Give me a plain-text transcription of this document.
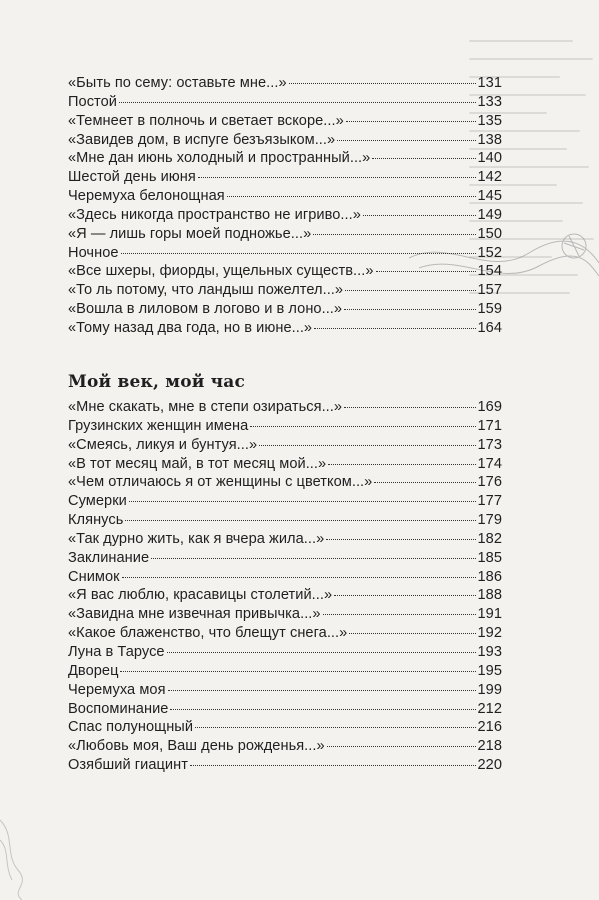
«Быть по сему: оставьте мне...»	131
Постой	133
«Темнеет в полночь и светает вскоре...»	135
«Завидев дом, в испуге безъязыком...»	138
«Мне дан июнь холодный и пространный...»	140
Шестой день июня	142
Черемуха белонощная	145
«Здесь никогда пространство не игриво...»	149
«Я — лишь горы моей подножье...»	150
Ночное	152
«Все шхеры, фиорды, ущельных существ...»	154
«То ль потому, что ландыш пожелтел...»	157
«Вошла в лиловом в логово и в лоно...»	159
«Тому назад два года, но в июне...»	164
Мой век, мой час
«Мне скакать, мне в степи озираться...»	169
Грузинских женщин имена	171
«Смеясь, ликуя и бунтуя...»	173
«В тот месяц май, в тот месяц мой...»	174
«Чем отличаюсь я от женщины с цветком...»	176
Сумерки	177
Клянусь	179
«Так дурно жить, как я вчера жила...»	182
Заклинание	185
Снимок	186
«Я вас люблю, красавицы столетий...»	188
«Завидна мне извечная привычка...»	191
«Какое блаженство, что блещут снега...»	192
Луна в Тарусе	193
Дворец	195
Черемуха моя	199
Воспоминание	212
Спас полунощный	216
«Любовь моя, Ваш день рожденья...»	218
Озябший гиацинт	220
